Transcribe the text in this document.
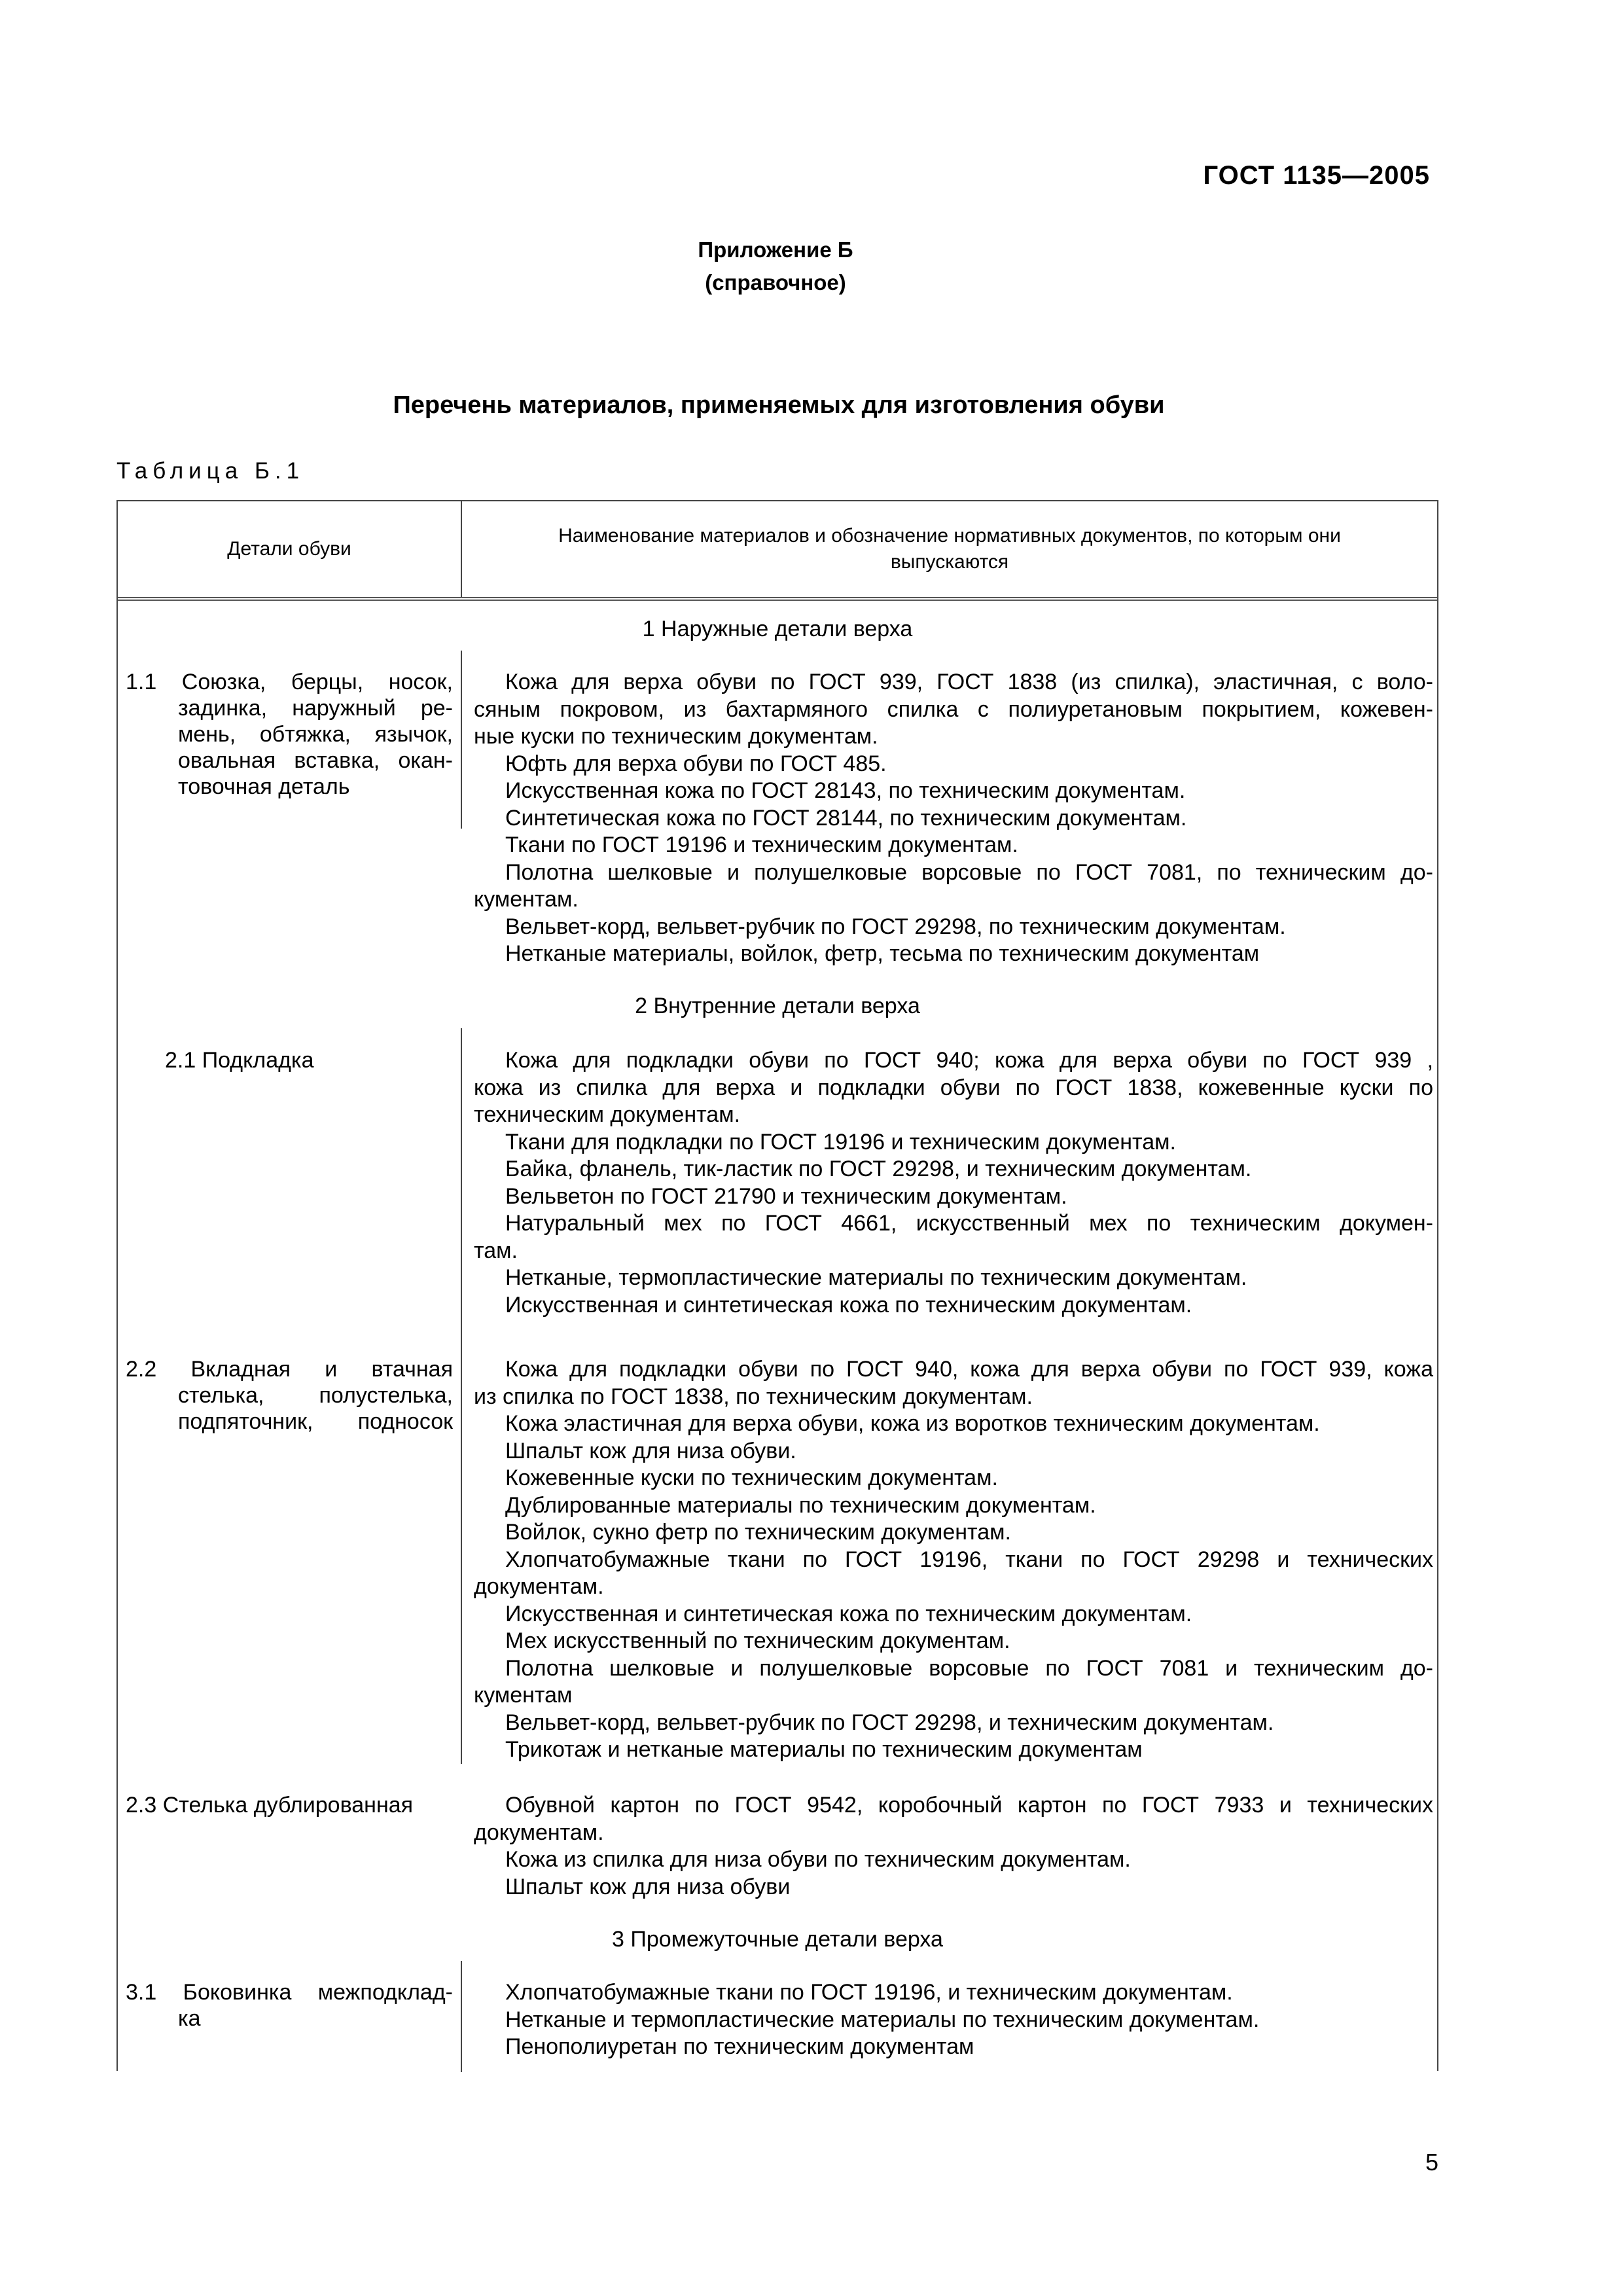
ГОСТ 1135—2005
Приложение Б
(справочное)
Перечень материалов, применяемых для изготовления обуви
Таблица Б.1
Детали обуви
Наименование материалов и обозначение нормативных документов, по которым они выпускаются
1 Наружные детали верха
1.1 Союзка, берцы, носок,
задинка, наружный ре-
мень, обтяжка, язычок,
овальная вставка, окан-
товочная деталь
Кожа для верха обуви по ГОСТ 939, ГОСТ 1838 (из спилка), эластичная, с воло-
сяным покровом, из бахтармяного спилка с полиуретановым покрытием, кожевен-
ные куски по техническим документам.
Юфть для верха обуви по ГОСТ 485.
Искусственная кожа по ГОСТ 28143, по техническим документам.
Синтетическая кожа по ГОСТ 28144, по техническим документам.
Ткани по ГОСТ 19196 и техническим документам.
Полотна шелковые и полушелковые ворсовые по ГОСТ 7081, по техническим до-
кументам.
Вельвет-корд, вельвет-рубчик по ГОСТ 29298, по техническим документам.
Нетканые материалы, войлок, фетр, тесьма по техническим документам
2 Внутренние детали верха
2.1 Подкладка	Кожа для подкладки обуви по ГОСТ 940; кожа для верха обуви по ГОСТ 939 ,
кожа из спилка для верха и подкладки обуви по ГОСТ 1838, кожевенные куски по
техническим документам.
Ткани для подкладки по ГОСТ 19196 и техническим документам.
Байка, фланель, тик-ластик по ГОСТ 29298, и техническим документам.
Вельветон по ГОСТ 21790 и техническим документам.
Натуральный мех по ГОСТ 4661, искусственный мех по техническим докумен-
там.
Нетканые, термопластические материалы по техническим документам.
Искусственная и синтетическая кожа по техническим документам.
2.2 Вкладная и втачная
стелька, полустелька,
подпяточник, подносок
Кожа для подкладки обуви по ГОСТ 940, кожа для верха обуви по ГОСТ 939, кожа
из спилка по ГОСТ 1838, по техническим документам.
Кожа эластичная для верха обуви, кожа из воротков техническим документам.
Шпальт кож для низа обуви.
Кожевенные куски по техническим документам.
Дублированные материалы по техническим документам.
Войлок, сукно фетр по техническим документам.
Хлопчатобумажные ткани по ГОСТ 19196, ткани по ГОСТ 29298 и технических
документам.
Искусственная и синтетическая кожа по техническим документам.
Мех искусственный по техническим документам.
Полотна шелковые и полушелковые ворсовые по ГОСТ 7081 и техническим до-
кументам
Вельвет-корд, вельвет-рубчик по ГОСТ 29298, и техническим документам.
Трикотаж и нетканые материалы по техническим документам
2.3 Стелька дублированная	Обувной картон по ГОСТ 9542, коробочный картон по ГОСТ 7933 и технических
документам.
Кожа из спилка для низа обуви по техническим документам.
Шпальт кож для низа обуви
3 Промежуточные детали верха
3.1 Боковинка межподклад-
ка
Хлопчатобумажные ткани по ГОСТ 19196, и техническим документам.
Нетканые и термопластические материалы по техническим документам.
Пенополиуретан по техническим документам
5
